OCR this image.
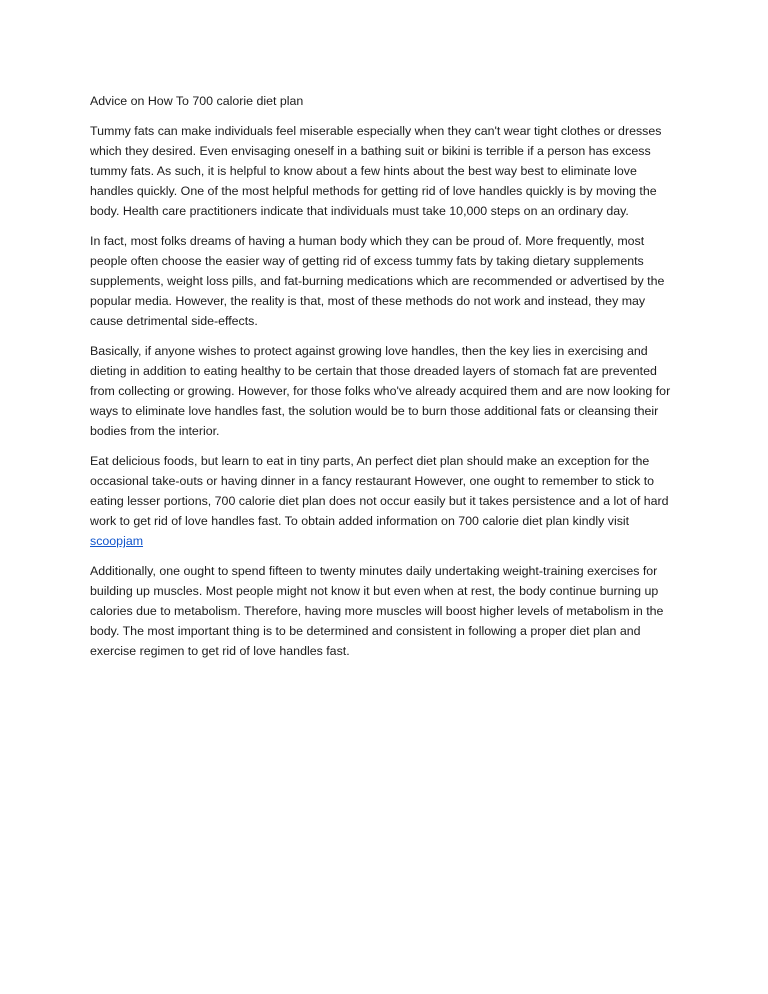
Advice on How To 700 calorie diet plan

Tummy fats can make individuals feel miserable especially when they can't wear tight clothes or dresses which they desired. Even envisaging oneself in a bathing suit or bikini is terrible if a person has excess tummy fats. As such, it is helpful to know about a few hints about the best way best to eliminate love handles quickly. One of the most helpful methods for getting rid of love handles quickly is by moving the body. Health care practitioners indicate that individuals must take 10,000 steps on an ordinary day.

In fact, most folks dreams of having a human body which they can be proud of. More frequently, most people often choose the easier way of getting rid of excess tummy fats by taking dietary supplements supplements, weight loss pills, and fat-burning medications which are recommended or advertised by the popular media. However, the reality is that, most of these methods do not work and instead, they may cause detrimental side-effects.

Basically, if anyone wishes to protect against growing love handles, then the key lies in exercising and dieting in addition to eating healthy to be certain that those dreaded layers of stomach fat are prevented from collecting or growing. However, for those folks who've already acquired them and are now looking for ways to eliminate love handles fast, the solution would be to burn those additional fats or cleansing their bodies from the interior.

Eat delicious foods, but learn to eat in tiny parts, An perfect diet plan should make an exception for the occasional take-outs or having dinner in a fancy restaurant However, one ought to remember to stick to eating lesser portions, 700 calorie diet plan does not occur easily but it takes persistence and a lot of hard work to get rid of love handles fast. To obtain added information on 700 calorie diet plan kindly visit scoopjam

Additionally, one ought to spend fifteen to twenty minutes daily undertaking weight-training exercises for building up muscles. Most people might not know it but even when at rest, the body continue burning up calories due to metabolism. Therefore, having more muscles will boost higher levels of metabolism in the body. The most important thing is to be determined and consistent in following a proper diet plan and exercise regimen to get rid of love handles fast.
